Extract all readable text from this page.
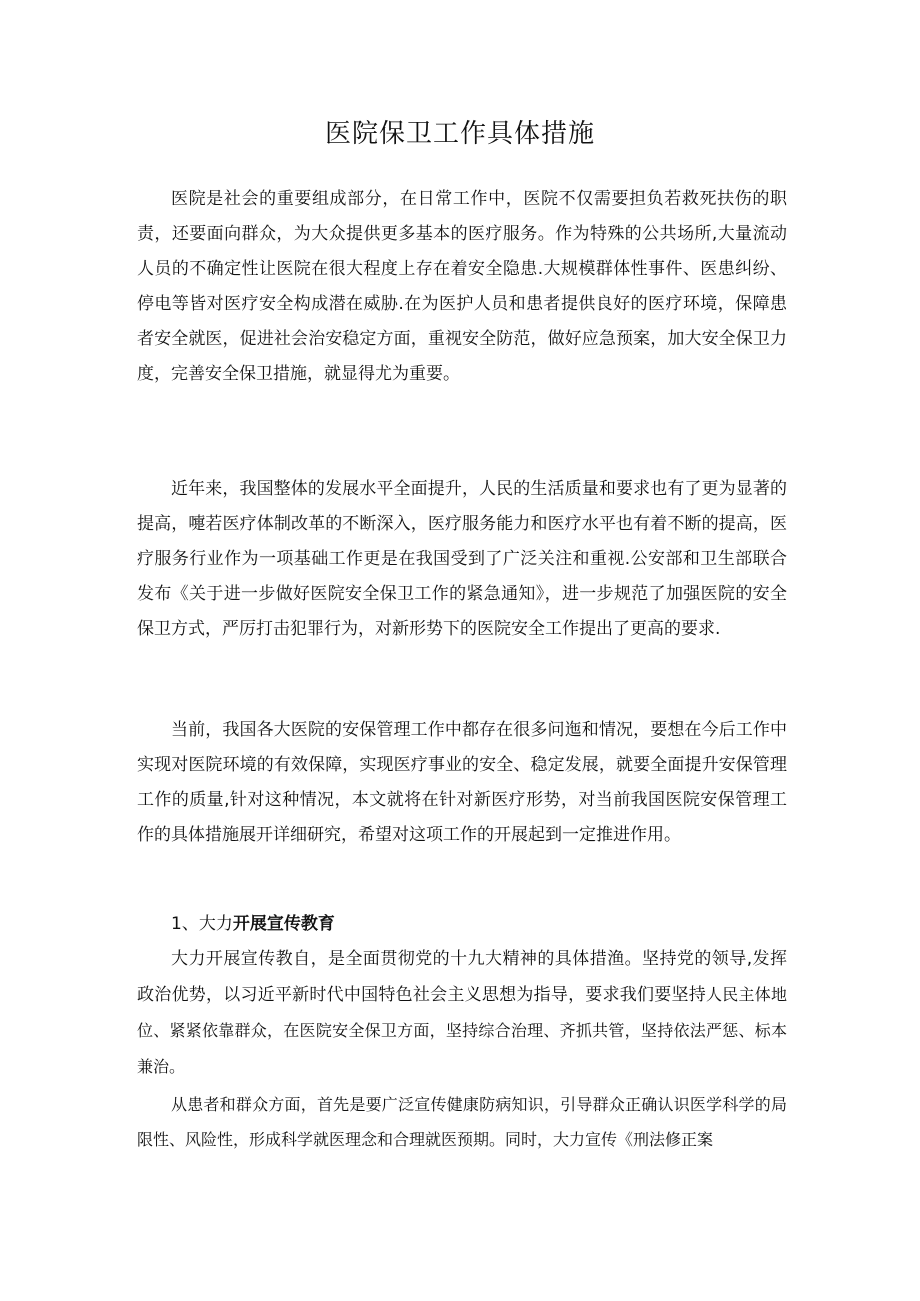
医院保卫工作具体措施

医院是社会的重要组成部分，在日常工作中，医院不仅需要担负若救死扶伤的职责，还要面向群众，为大众提供更多基本的医疗服务。作为特殊的公共场所,大量流动人员的不确定性让医院在很大程度上存在着安全隐患.大规模群体性事件、医患纠纷、停电等皆对医疗安全构成潜在威胁.在为医护人员和患者提供良好的医疗环境，保障患者安全就医，促进社会治安稳定方面，重视安全防范，做好应急预案，加大安全保卫力度，完善安全保卫措施，就显得尤为重要。

近年来，我国整体的发展水平全面提升，人民的生活质量和要求也有了更为显著的提高，嚏若医疗体制改革的不断深入，医疗服务能力和医疗水平也有着不断的提高，医疗服务行业作为一项基础工作更是在我国受到了广泛关注和重视.公安部和卫生部联合发布《关于进一步做好医院安全保卫工作的紧急通知》，进一步规范了加强医院的安全保卫方式，严厉打击犯罪行为，对新形势下的医院安全工作提出了更高的要求.

当前，我国各大医院的安保管理工作中都存在很多问迤和情况，要想在今后工作中实现对医院环境的有效保障，实现医疗事业的安全、稳定发展，就要全面提升安保管理工作的质量,针对这种情况，本文就将在针对新医疗形势，对当前我国医院安保管理工作的具体措施展开详细研究，希望对这项工作的开展起到一定推进作用。

1、大力开展宣传教育

大力开展宣传教自，是全面贯彻党的十九大精神的具体措渔。坚持党的领导,发挥政治优势，以习近平新时代中国特色社会主义思想为指导，要求我们要坚持人民主体地位、紧紧依靠群众，在医院安全保卫方面，坚持综合治理、齐抓共管，坚持依法严惩、标本兼治。

从患者和群众方面，首先是要广泛宣传健康防病知识，引导群众正确认识医学科学的局限性、风险性，形成科学就医理念和合理就医预期。同时，大力宣传《刑法修正案
